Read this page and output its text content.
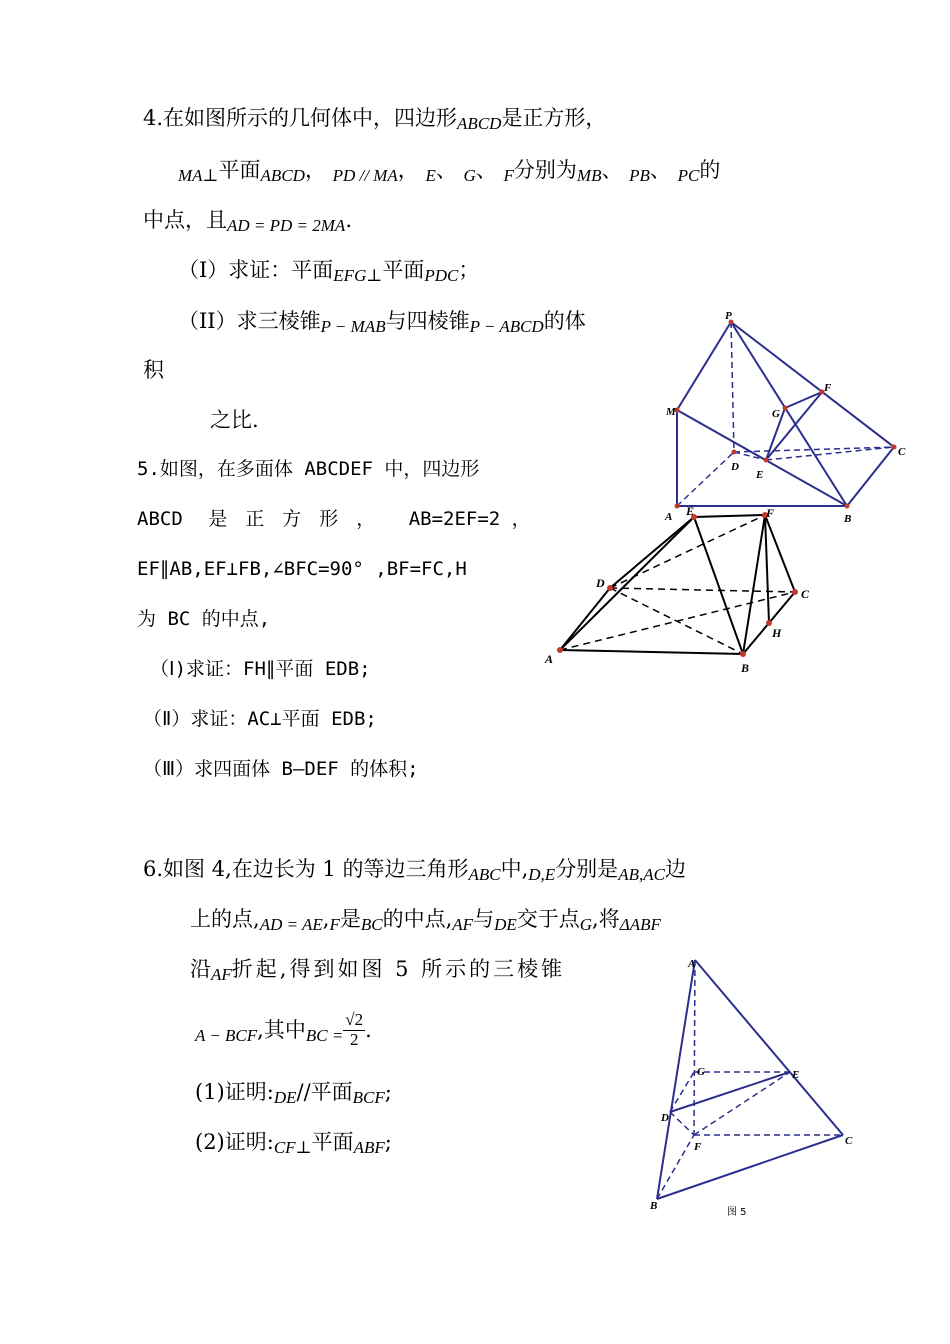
4.在如图所示的几何体中，四边形ABCD是正方形，
MA⊥平面ABCD， PD // MA， E、 G、 F分别为MB、 PB、 PC的
中点，且AD = PD = 2MA.
（I）求证：平面EFG⊥平面PDC；
（II）求三棱锥P − MAB与四棱锥P − ABCD的体
积
之比.
5.如图，在多面体 ABCDEF 中，四边形
ABCD 是正方形， AB=2EF=2 ，
EF∥AB,EF⊥FB,∠BFC=90° ,BF=FC,H
为 BC 的中点,
（Ⅰ)求证：FH∥平面 EDB;
（Ⅱ）求证：AC⊥平面 EDB;
（Ⅲ）求四面体 B—DEF 的体积;
6.如图 4,在边长为 1 的等边三角形ABC中,D,E分别是AB,AC边
上的点,AD = AE,F是BC的中点,AF与DE交于点G,将ΔABF
沿AF折起,得到如图 5 所示的三棱锥
A − BCF,其中BC = $\frac{√2}{2}$ .
(1)证明:DE//平面BCF;
(2)证明:CF⊥平面ABF;
P
M
F
G
D
E
C
A	B
E	F
D
C
H
A
B
A
G	E
D
F	C
B
图 5
